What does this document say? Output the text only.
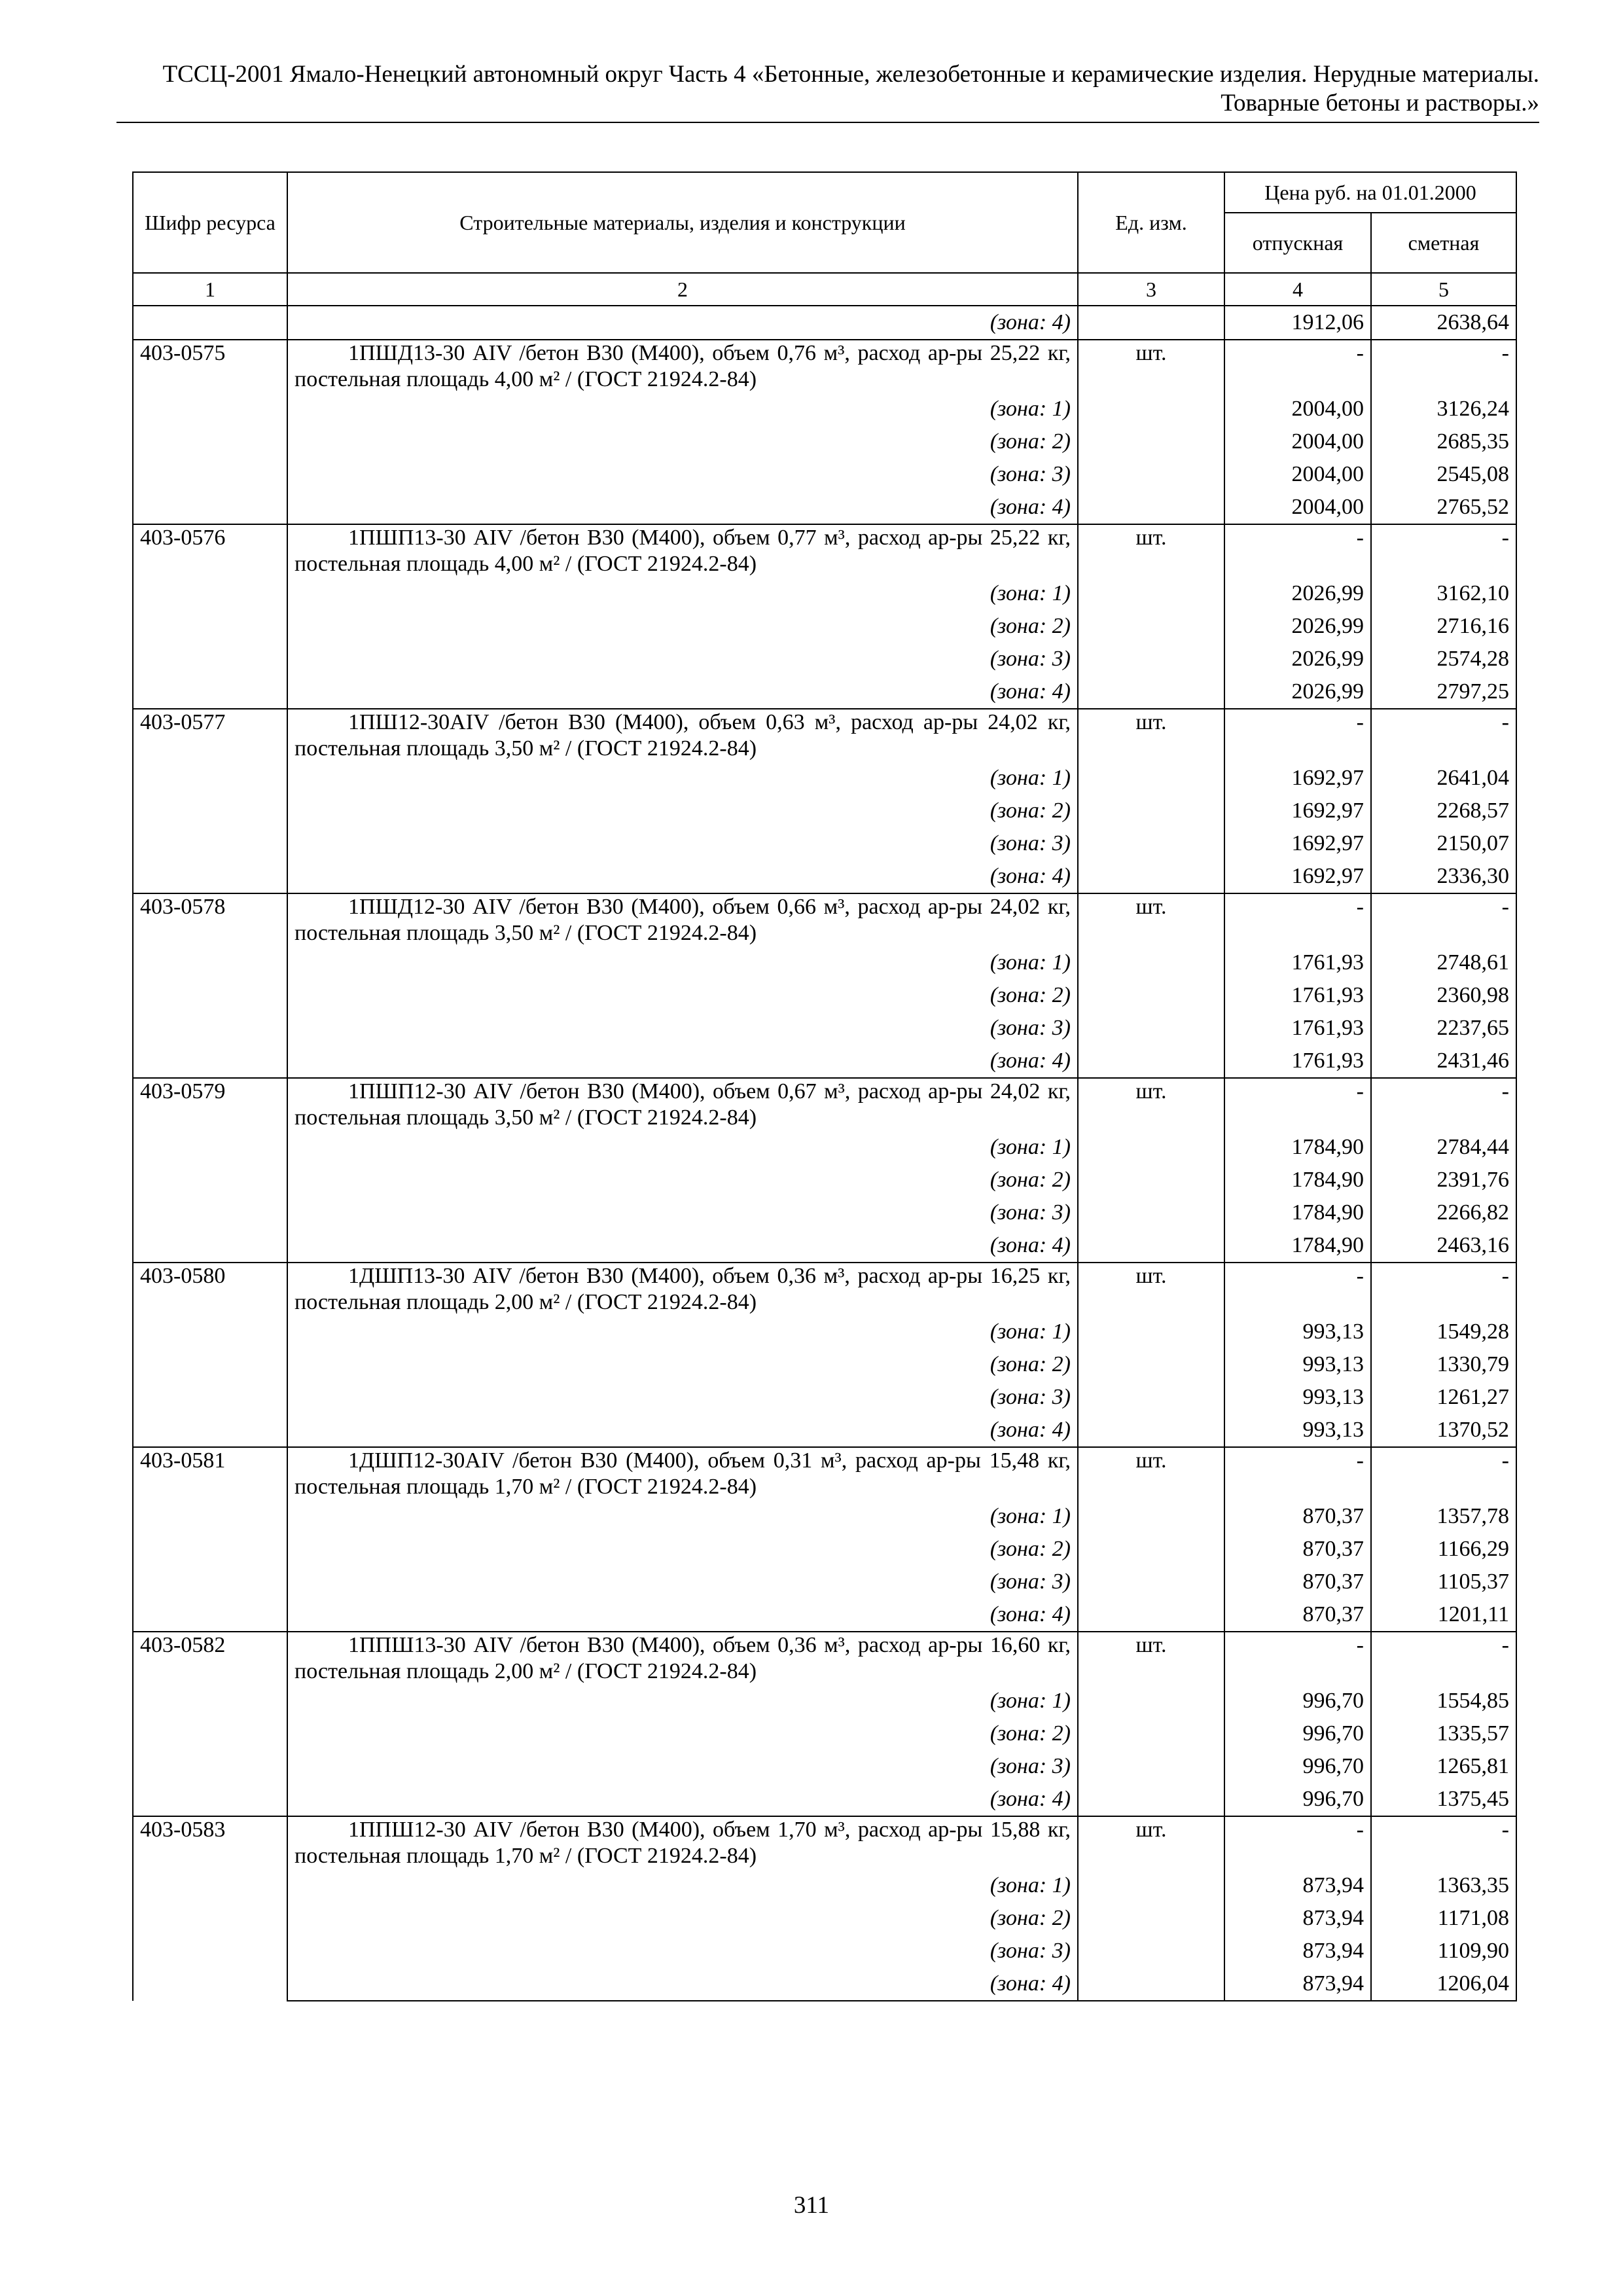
ТССЦ-2001 Ямало-Ненецкий автономный округ Часть 4 «Бетонные, железобетонные и керамические изделия. Нерудные материалы.
Товарные бетоны и растворы.»
Шифр ресурса	Строительные материалы, изделия и конструкции	Ед. изм.	Цена руб. на 01.01.2000	
			отпускная	сметная
1	2	3	4	5
	(зона: 4)		1912,06	2638,64
403-0575	1ПШД13-30 AIV /бетон В30 (М400), объем 0,76 м³, расход ар-ры 25,22 кг, постельная площадь 4,00 м² / (ГОСТ 21924.2-84)	шт.	-	-
	(зона: 1)		2004,00	3126,24
	(зона: 2)		2004,00	2685,35
	(зона: 3)		2004,00	2545,08
	(зона: 4)		2004,00	2765,52
403-0576	1ПШП13-30 AIV /бетон В30 (М400), объем 0,77 м³, расход ар-ры 25,22 кг, постельная площадь 4,00 м² / (ГОСТ 21924.2-84)	шт.	-	-
	(зона: 1)		2026,99	3162,10
	(зона: 2)		2026,99	2716,16
	(зона: 3)		2026,99	2574,28
	(зона: 4)		2026,99	2797,25
403-0577	1ПШ12-30AIV /бетон В30 (М400), объем 0,63 м³, расход ар-ры 24,02 кг, постельная площадь 3,50 м² / (ГОСТ 21924.2-84)	шт.	-	-
	(зона: 1)		1692,97	2641,04
	(зона: 2)		1692,97	2268,57
	(зона: 3)		1692,97	2150,07
	(зона: 4)		1692,97	2336,30
403-0578	1ПШД12-30 AIV /бетон В30 (М400), объем 0,66 м³, расход ар-ры 24,02 кг, постельная площадь 3,50 м² / (ГОСТ 21924.2-84)	шт.	-	-
	(зона: 1)		1761,93	2748,61
	(зона: 2)		1761,93	2360,98
	(зона: 3)		1761,93	2237,65
	(зона: 4)		1761,93	2431,46
403-0579	1ПШП12-30 AIV /бетон В30 (М400), объем 0,67 м³, расход ар-ры 24,02 кг, постельная площадь 3,50 м² / (ГОСТ 21924.2-84)	шт.	-	-
	(зона: 1)		1784,90	2784,44
	(зона: 2)		1784,90	2391,76
	(зона: 3)		1784,90	2266,82
	(зона: 4)		1784,90	2463,16
403-0580	1ДШП13-30 AIV /бетон В30 (М400), объем 0,36 м³, расход ар-ры 16,25 кг, постельная площадь 2,00 м² / (ГОСТ 21924.2-84)	шт.	-	-
	(зона: 1)		993,13	1549,28
	(зона: 2)		993,13	1330,79
	(зона: 3)		993,13	1261,27
	(зона: 4)		993,13	1370,52
403-0581	1ДШП12-30AIV /бетон В30 (М400), объем 0,31 м³, расход ар-ры 15,48 кг, постельная площадь 1,70 м² / (ГОСТ 21924.2-84)	шт.	-	-
	(зона: 1)		870,37	1357,78
	(зона: 2)		870,37	1166,29
	(зона: 3)		870,37	1105,37
	(зона: 4)		870,37	1201,11
403-0582	1ППШ13-30 AIV /бетон В30 (М400), объем 0,36 м³, расход ар-ры 16,60 кг, постельная площадь 2,00 м² / (ГОСТ 21924.2-84)	шт.	-	-
	(зона: 1)		996,70	1554,85
	(зона: 2)		996,70	1335,57
	(зона: 3)		996,70	1265,81
	(зона: 4)		996,70	1375,45
403-0583	1ППШ12-30 AIV /бетон В30 (М400), объем 1,70 м³, расход ар-ры 15,88 кг, постельная площадь 1,70 м² / (ГОСТ 21924.2-84)	шт.	-	-
	(зона: 1)		873,94	1363,35
	(зона: 2)		873,94	1171,08
	(зона: 3)		873,94	1109,90
	(зона: 4)		873,94	1206,04
311
